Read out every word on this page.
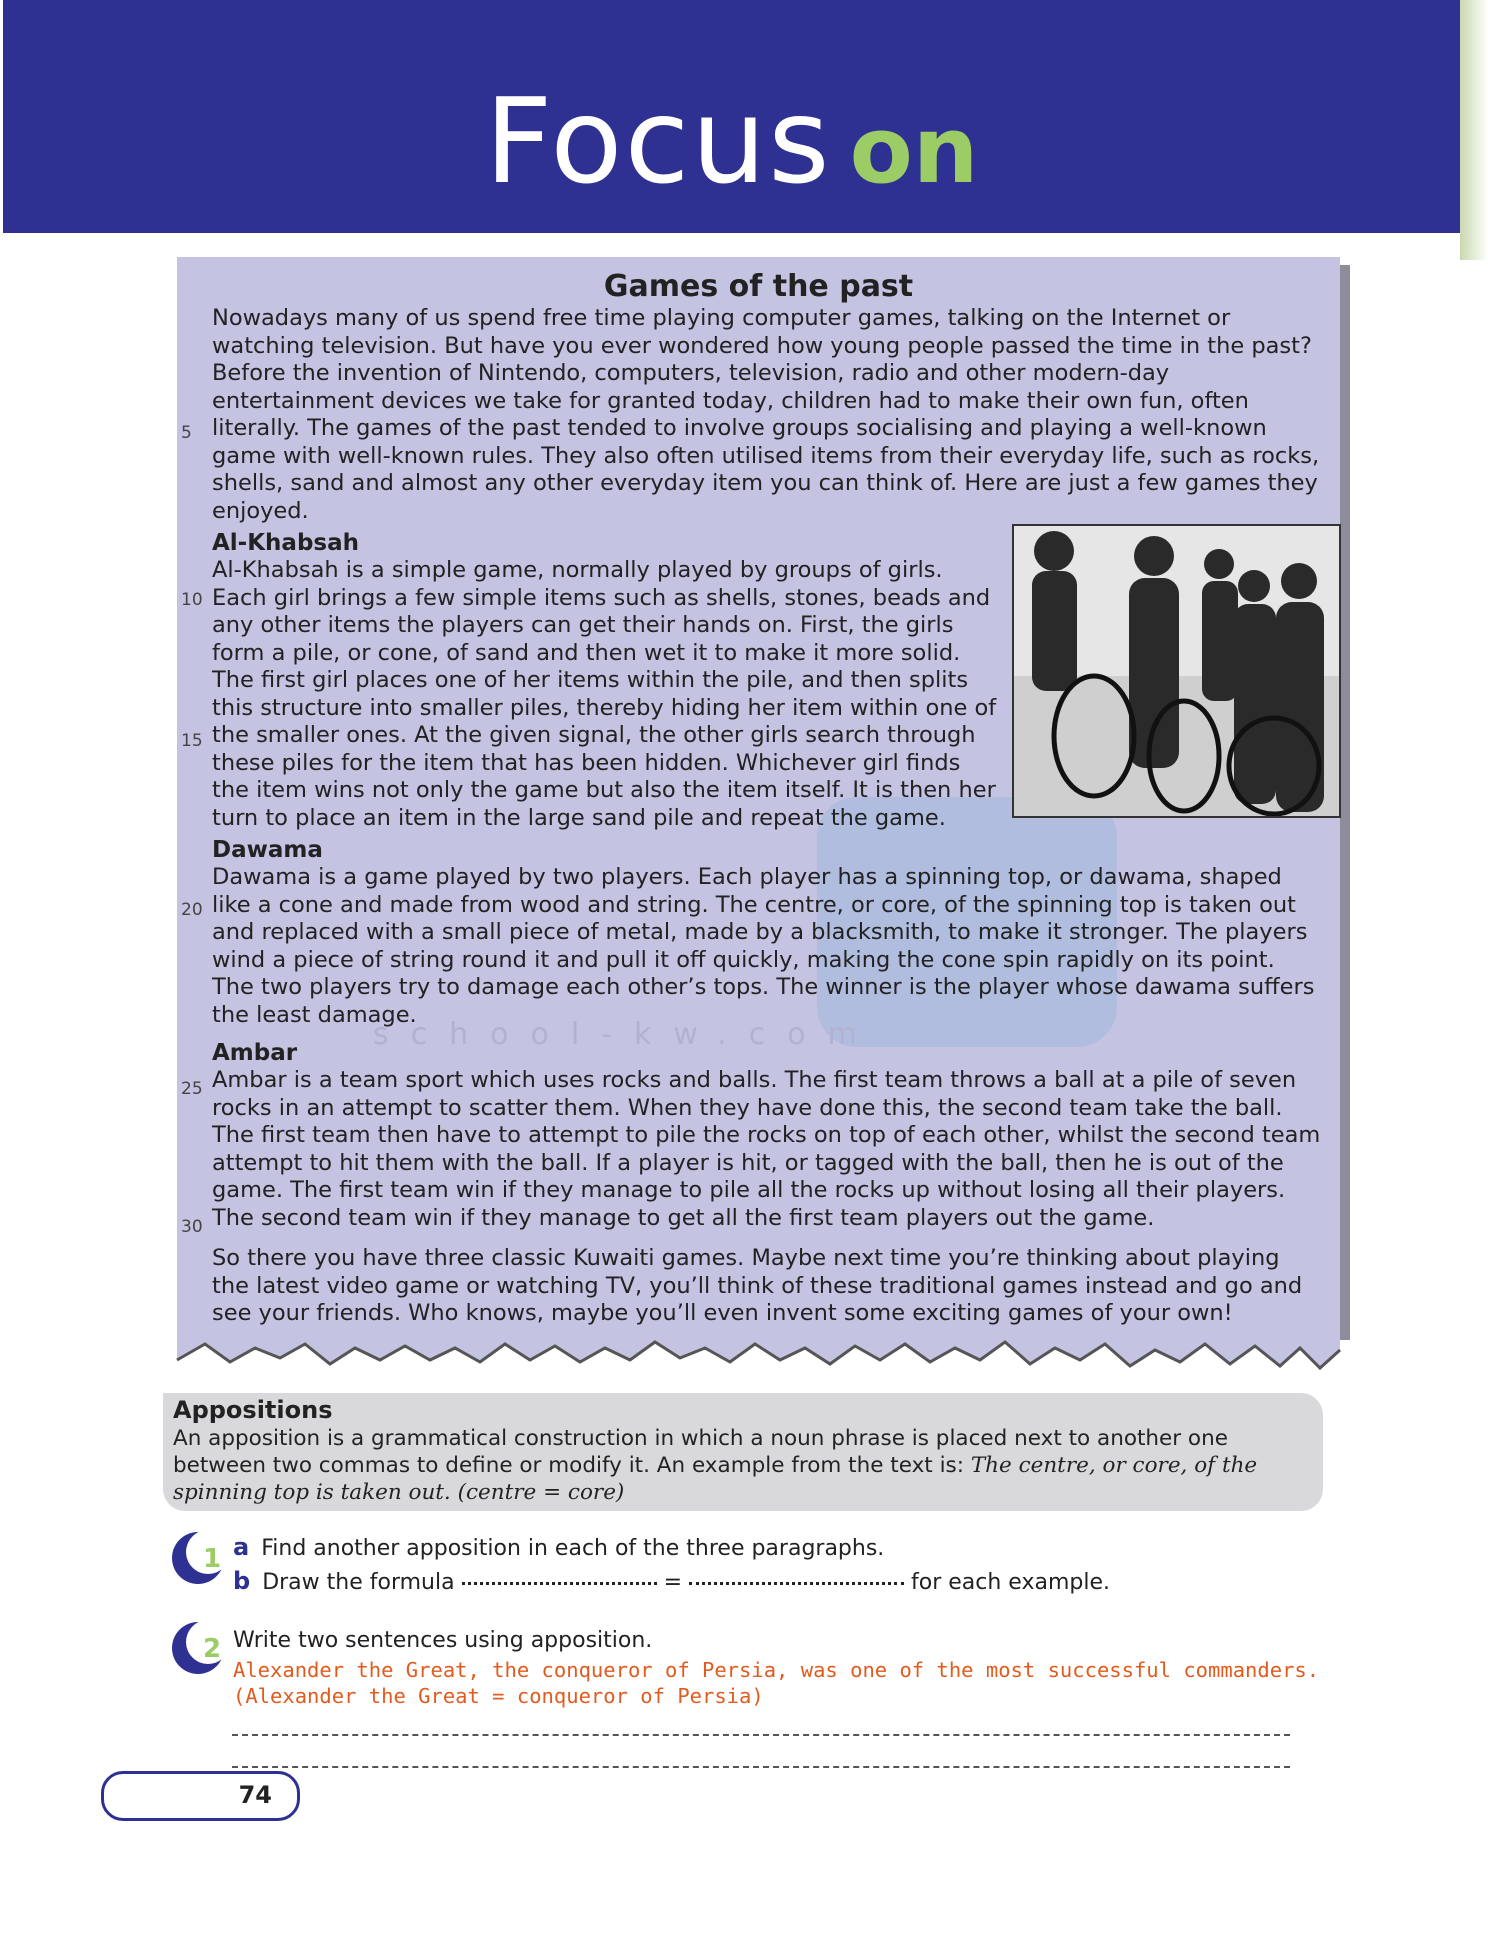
Focus on
Games of the past
Nowadays many of us spend free time playing computer games, talking on the Internet or watching television. But have you ever wondered how young people passed the time in the past? Before the invention of Nintendo, computers, television, radio and other modern-day entertainment devices we take for granted today, children had to make their own fun, often literally. The games of the past tended to involve groups socialising and playing a well-known game with well-known rules. They also often utilised items from their everyday life, such as rocks, shells, sand and almost any other everyday item you can think of. Here are just a few games they enjoyed.
Al-Khabsah
Al-Khabsah is a simple game, normally played by groups of girls. Each girl brings a few simple items such as shells, stones, beads and any other items the players can get their hands on. First, the girls form a pile, or cone, of sand and then wet it to make it more solid. The first girl places one of her items within the pile, and then splits this structure into smaller piles, thereby hiding her item within one of the smaller ones. At the given signal, the other girls search through these piles for the item that has been hidden. Whichever girl finds the item wins not only the game but also the item itself. It is then her turn to place an item in the large sand pile and repeat the game.
Dawama
Dawama is a game played by two players. Each player has a spinning top, or dawama, shaped like a cone and made from wood and string. The centre, or core, of the spinning top is taken out and replaced with a small piece of metal, made by a blacksmith, to make it stronger. The players wind a piece of string round it and pull it off quickly, making the cone spin rapidly on its point. The two players try to damage each other’s tops. The winner is the player whose dawama suffers the least damage.
school-kw.com
Ambar
Ambar is a team sport which uses rocks and balls. The first team throws a ball at a pile of seven rocks in an attempt to scatter them. When they have done this, the second team take the ball. The first team then have to attempt to pile the rocks on top of each other, whilst the second team attempt to hit them with the ball. If a player is hit, or tagged with the ball, then he is out of the game. The first team win if they manage to pile all the rocks up without losing all their players. The second team win if they manage to get all the first team players out the game.
So there you have three classic Kuwaiti games. Maybe next time you’re thinking about playing the latest video game or watching TV, you’ll think of these traditional games instead and go and see your friends. Who knows, maybe you’ll even invent some exciting games of your own!
5
10
15
20
25
30
Appositions
An apposition is a grammatical construction in which a noun phrase is placed next to another one between two commas to define or modify it. An example from the text is: The centre, or core, of the spinning top is taken out. (centre = core)
1 a Find another apposition in each of the three paragraphs.
b Draw the formula	=	for each example.
2 Write two sentences using apposition.
Alexander the Great, the conqueror of Persia, was one of the most successful commanders.
(Alexander the Great = conqueror of Persia)
74
